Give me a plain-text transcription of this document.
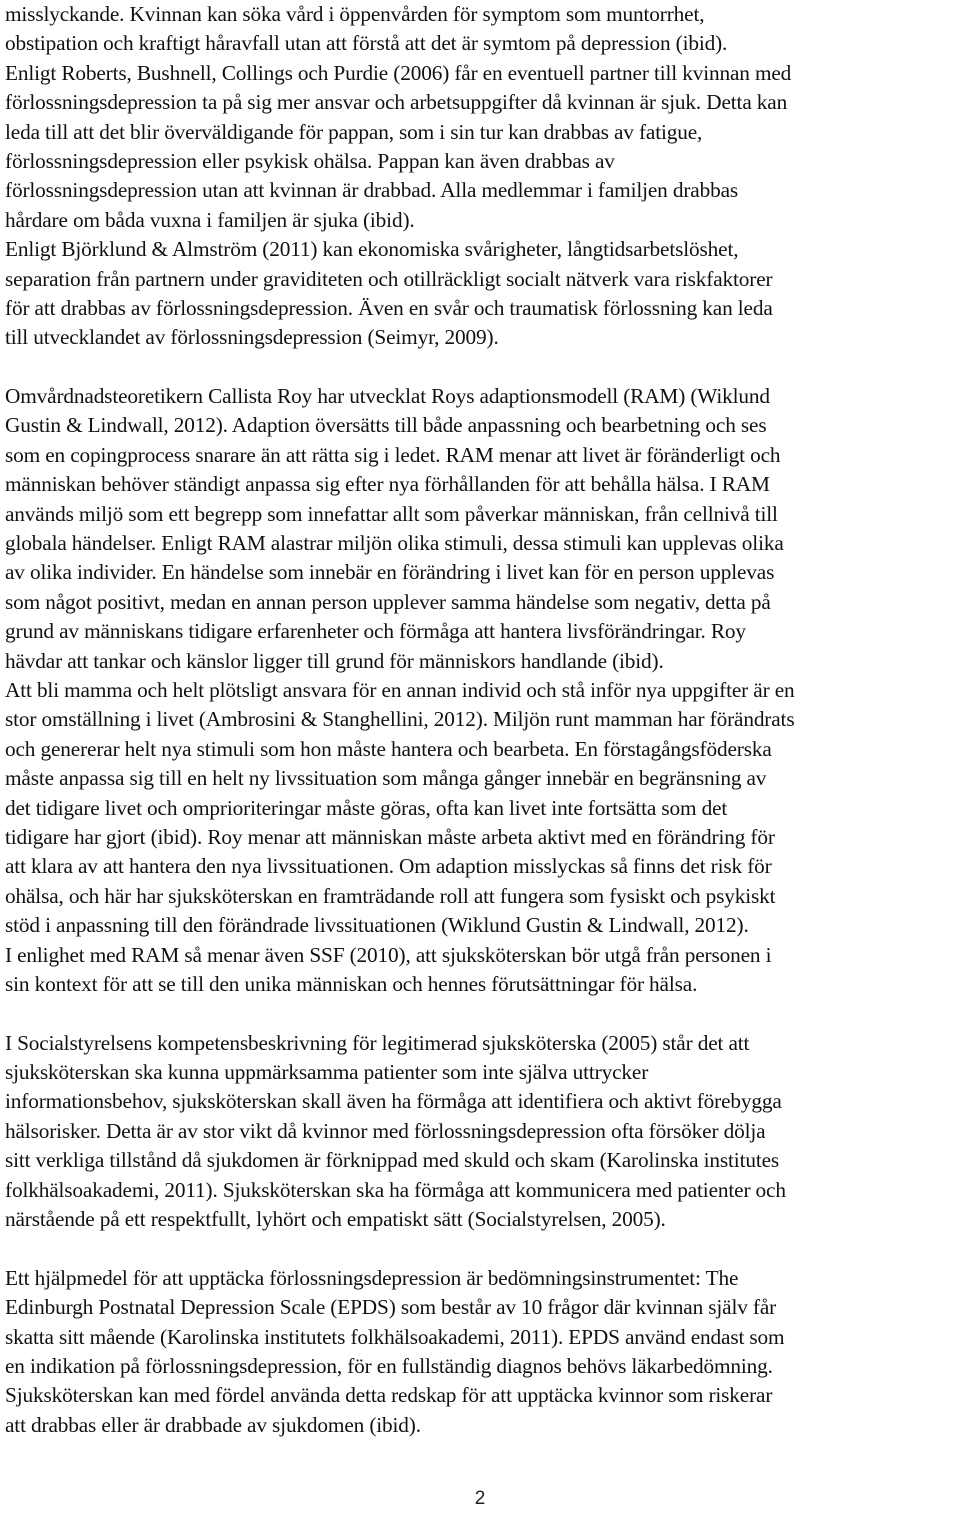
misslyckande. Kvinnan kan söka vård i öppenvården för symptom som muntorrhet,
obstipation och kraftigt håravfall utan att förstå att det är symtom på depression (ibid).
Enligt Roberts, Bushnell, Collings och Purdie (2006) får en eventuell partner till kvinnan med
förlossningsdepression ta på sig mer ansvar och arbetsuppgifter då kvinnan är sjuk. Detta kan
leda till att det blir överväldigande för pappan, som i sin tur kan drabbas av fatigue,
förlossningsdepression eller psykisk ohälsa. Pappan kan även drabbas av
förlossningsdepression utan att kvinnan är drabbad. Alla medlemmar i familjen drabbas
hårdare om båda vuxna i familjen är sjuka (ibid).
Enligt Björklund & Almström (2011) kan ekonomiska svårigheter, långtidsarbetslöshet,
separation från partnern under graviditeten och otillräckligt socialt nätverk vara riskfaktorer
för att drabbas av förlossningsdepression. Även en svår och traumatisk förlossning kan leda
till utvecklandet av förlossningsdepression (Seimyr, 2009).
Omvårdnadsteoretikern Callista Roy har utvecklat Roys adaptionsmodell (RAM) (Wiklund
Gustin & Lindwall, 2012). Adaption översätts till både anpassning och bearbetning och ses
som en copingprocess snarare än att rätta sig i ledet. RAM menar att livet är föränderligt och
människan behöver ständigt anpassa sig efter nya förhållanden för att behålla hälsa. I RAM
används miljö som ett begrepp som innefattar allt som påverkar människan, från cellnivå till
globala händelser. Enligt RAM alastrar miljön olika stimuli, dessa stimuli kan upplevas olika
av olika individer. En händelse som innebär en förändring i livet kan för en person upplevas
som något positivt, medan en annan person upplever samma händelse som negativ, detta på
grund av människans tidigare erfarenheter och förmåga att hantera livsförändringar. Roy
hävdar att tankar och känslor ligger till grund för människors handlande (ibid).
Att bli mamma och helt plötsligt ansvara för en annan individ och stå inför nya uppgifter är en
stor omställning i livet (Ambrosini & Stanghellini, 2012). Miljön runt mamman har förändrats
och genererar helt nya stimuli som hon måste hantera och bearbeta. En förstagångsföderska
måste anpassa sig till en helt ny livssituation som många gånger innebär en begränsning av
det tidigare livet och omprioriteringar måste göras, ofta kan livet inte fortsätta som det
tidigare har gjort (ibid). Roy menar att människan måste arbeta aktivt med en förändring för
att klara av att hantera den nya livssituationen. Om adaption misslyckas så finns det risk för
ohälsa, och här har sjuksköterskan en framträdande roll att fungera som fysiskt och psykiskt
stöd i anpassning till den förändrade livssituationen (Wiklund Gustin & Lindwall, 2012).
I enlighet med RAM så menar även SSF (2010), att sjuksköterskan bör utgå från personen i
sin kontext för att se till den unika människan och hennes förutsättningar för hälsa.
I Socialstyrelsens kompetensbeskrivning för legitimerad sjuksköterska (2005) står det att
sjuksköterskan ska kunna uppmärksamma patienter som inte själva uttrycker
informationsbehov, sjuksköterskan skall även ha förmåga att identifiera och aktivt förebygga
hälsorisker. Detta är av stor vikt då kvinnor med förlossningsdepression ofta försöker dölja
sitt verkliga tillstånd då sjukdomen är förknippad med skuld och skam (Karolinska institutes
folkhälsoakademi, 2011). Sjuksköterskan ska ha förmåga att kommunicera med patienter och
närstående på ett respektfullt, lyhört och empatiskt sätt (Socialstyrelsen, 2005).
Ett hjälpmedel för att upptäcka förlossningsdepression är bedömningsinstrumentet: The
Edinburgh Postnatal Depression Scale (EPDS) som består av 10 frågor där kvinnan själv får
skatta sitt mående (Karolinska institutets folkhälsoakademi, 2011). EPDS använd endast som
en indikation på förlossningsdepression, för en fullständig diagnos behövs läkarbedömning.
Sjuksköterskan kan med fördel använda detta redskap för att upptäcka kvinnor som riskerar
att drabbas eller är drabbade av sjukdomen (ibid).
2
